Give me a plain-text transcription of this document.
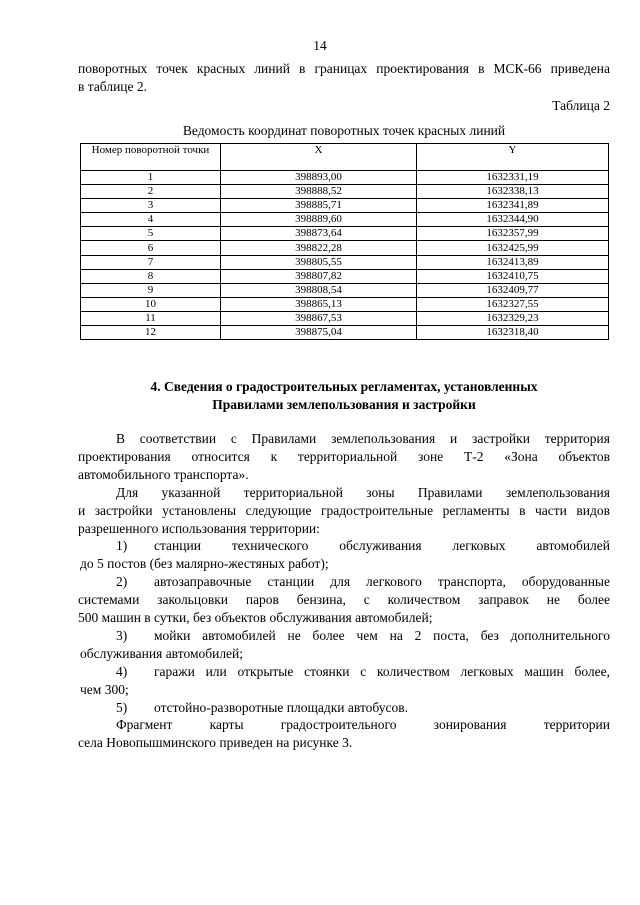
14
поворотных точек красных линий в границах проектирования в МСК-66 приведена
в таблице 2.
Таблица 2
Ведомость координат поворотных точек красных линий
Номер поворотной точки	X	Y
1	398893,00	1632331,19
2	398888,52	1632338,13
3	398885,71	1632341,89
4	398889,60	1632344,90
5	398873,64	1632357,99
6	398822,28	1632425,99
7	398805,55	1632413,89
8	398807,82	1632410,75
9	398808,54	1632409,77
10	398865,13	1632327,55
11	398867,53	1632329,23
12	398875,04	1632318,40
4. Сведения о градостроительных регламентах, установленных
Правилами землепользования и застройки
В соответствии с Правилами землепользования и застройки территория
проектирования относится к территориальной зоне Т-2 «Зона объектов
автомобильного транспорта».
Для указанной территориальной зоны Правилами землепользования
и застройки установлены следующие градостроительные регламенты в части видов
разрешенного использования территории:
1)	станции технического обслуживания легковых автомобилей
до 5 постов (без малярно-жестяных работ);
2)	автозаправочные станции для легкового транспорта, оборудованные
системами закольцовки паров бензина, с количеством заправок не более
500 машин в сутки, без объектов обслуживания автомобилей;
3)	мойки автомобилей не более чем на 2 поста, без дополнительного
обслуживания автомобилей;
4)	гаражи или открытые стоянки с количеством легковых машин более,
чем 300;
5)	отстойно-разворотные площадки автобусов.
Фрагмент карты градостроительного зонирования территории
села Новопышминского приведен на рисунке 3.
